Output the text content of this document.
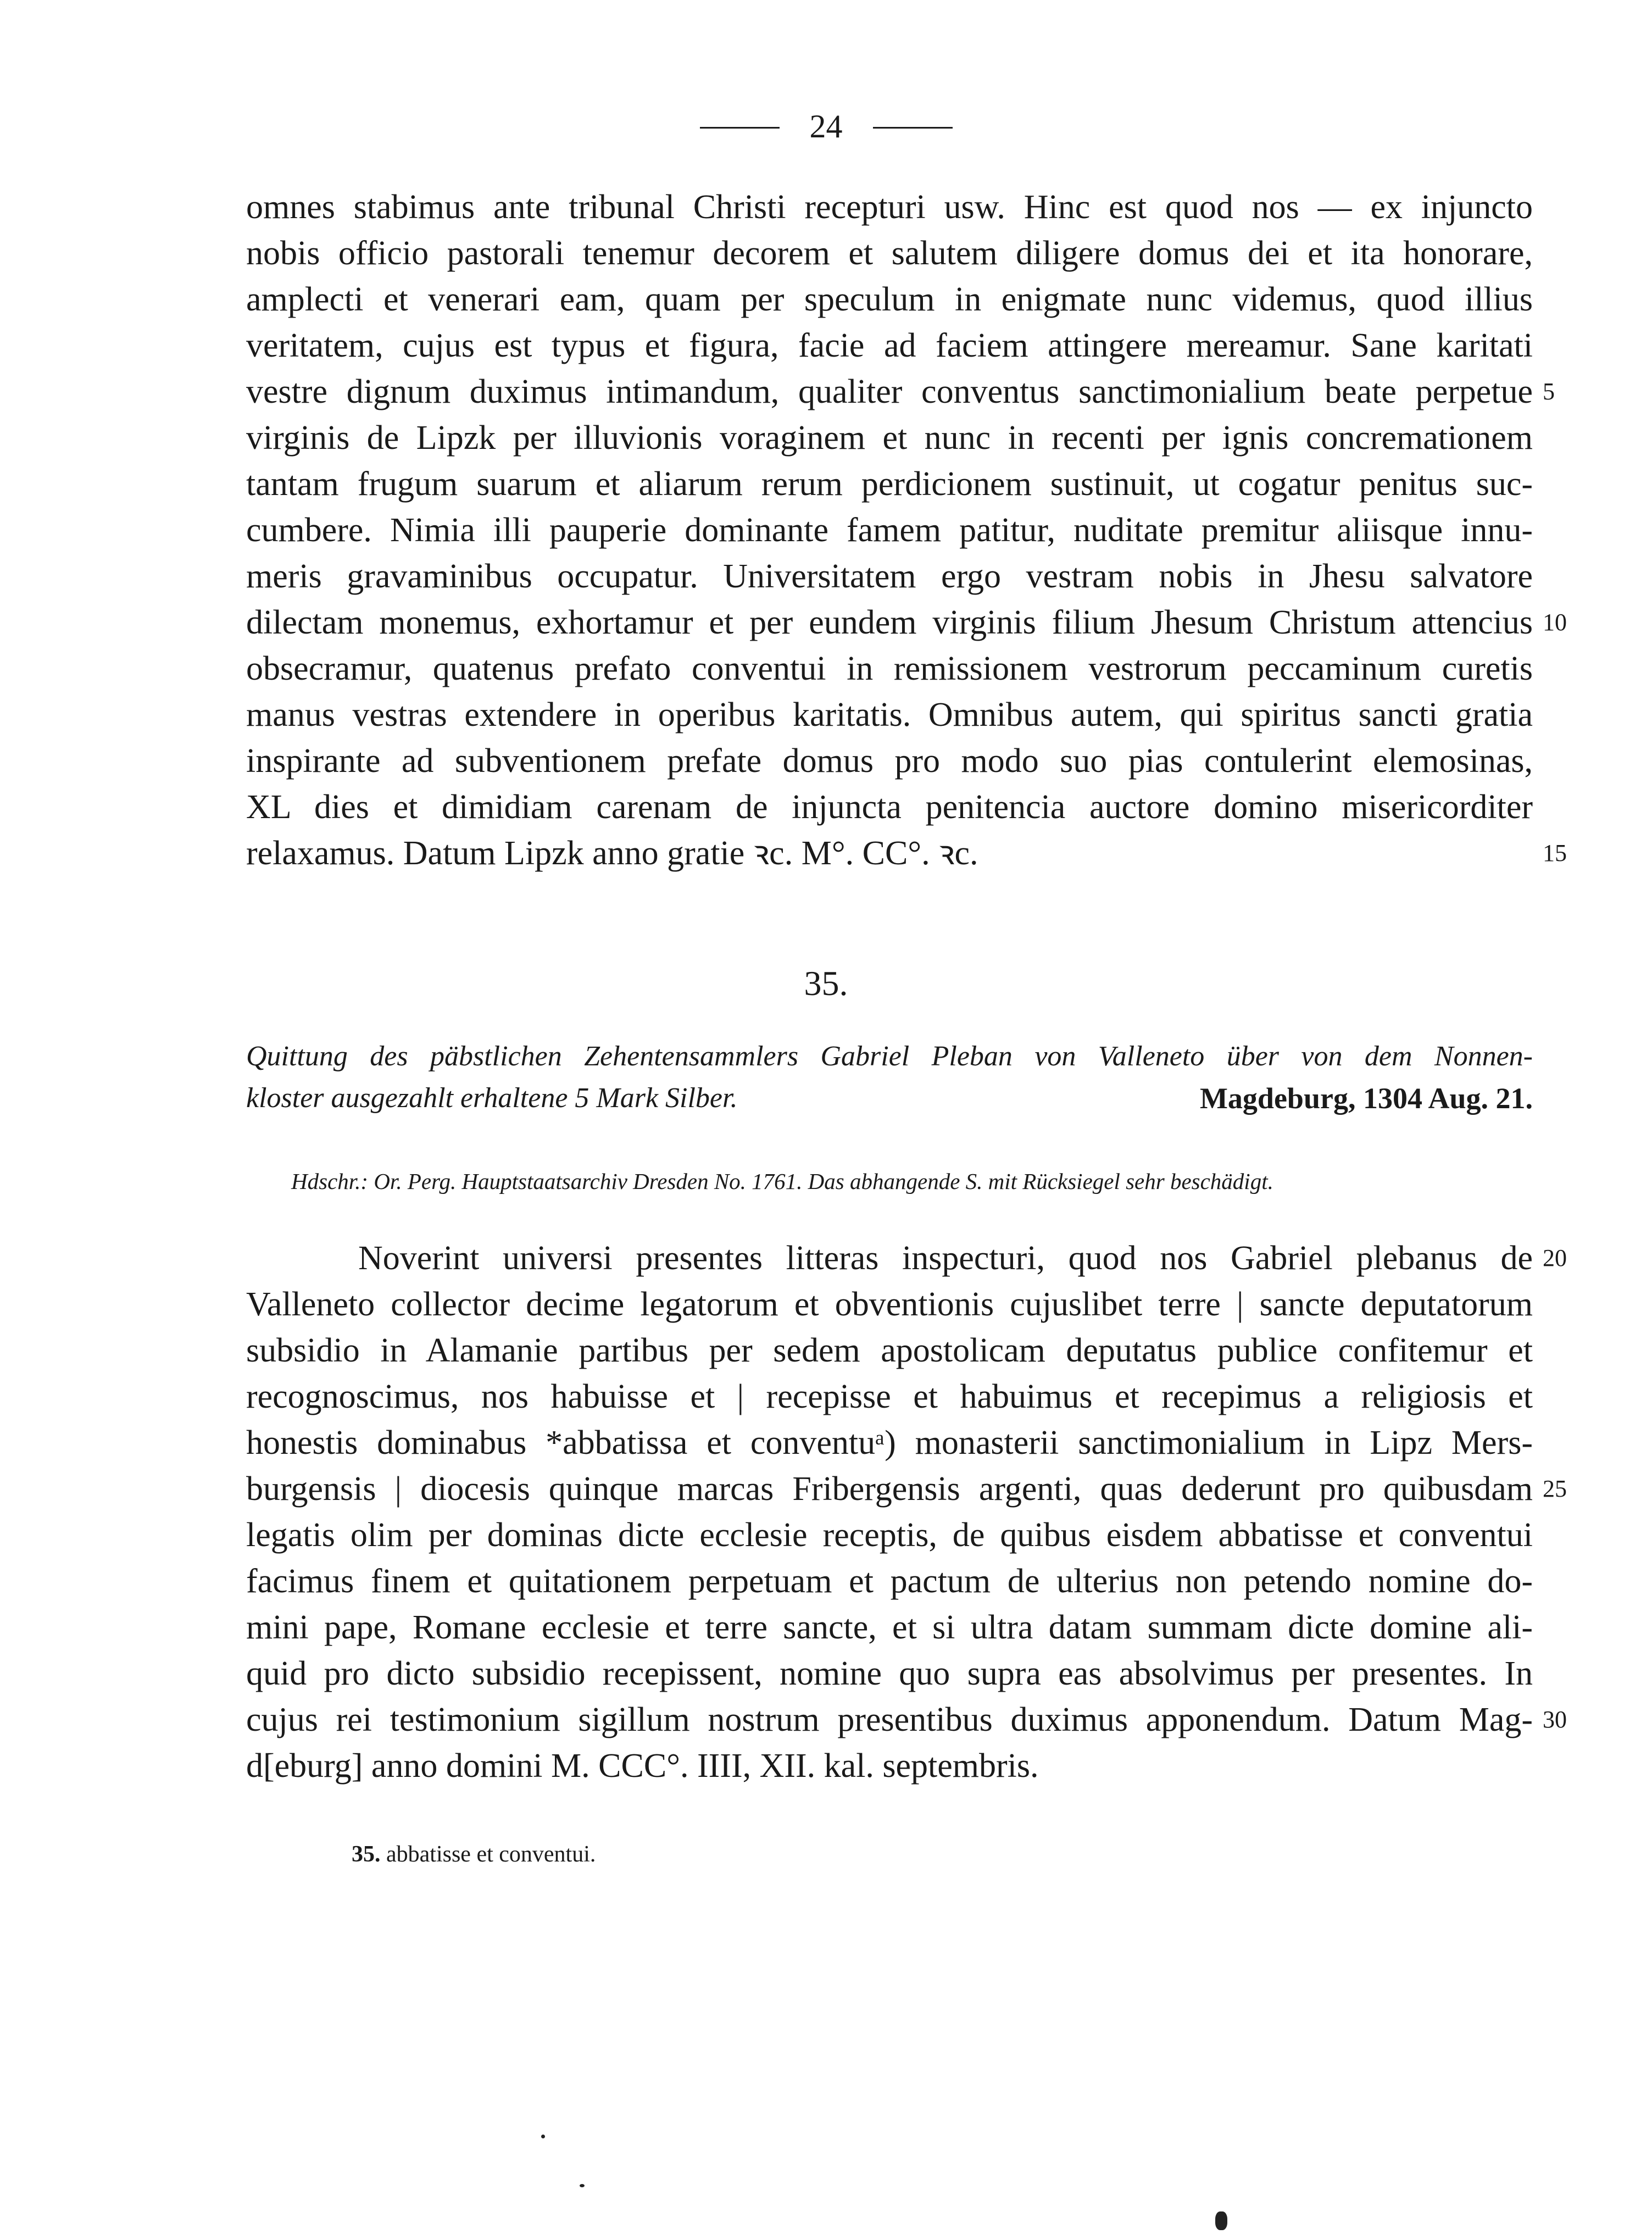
24
omnes stabimus ante tribunal Christi recepturi usw. Hinc est quod nos — ex injuncto
nobis officio pastorali tenemur decorem et salutem diligere domus dei et ita honorare,
amplecti et venerari eam, quam per speculum in enigmate nunc videmus, quod illius
veritatem, cujus est typus et figura, facie ad faciem attingere mereamur. Sane karitati
vestre dignum duximus intimandum, qualiter conventus sanctimonialium beate perpetue
virginis de Lipzk per illuvionis voraginem et nunc in recenti per ignis concremationem
tantam frugum suarum et aliarum rerum perdicionem sustinuit, ut cogatur penitus suc-
cumbere. Nimia illi pauperie dominante famem patitur, nuditate premitur aliisque innu-
meris gravaminibus occupatur. Universitatem ergo vestram nobis in Jhesu salvatore
dilectam monemus, exhortamur et per eundem virginis filium Jhesum Christum attencius
obsecramur, quatenus prefato conventui in remissionem vestrorum peccaminum curetis
manus vestras extendere in operibus karitatis. Omnibus autem, qui spiritus sancti gratia
inspirante ad subventionem prefate domus pro modo suo pias contulerint elemosinas,
XL dies et dimidiam carenam de injuncta penitencia auctore domino misericorditer
relaxamus. Datum Lipzk anno gratie ꝛc. M°. CC°. ꝛc.
5
10
15
35.
Quittung des päbstlichen Zehentensammlers Gabriel Pleban von Valleneto über von dem Nonnen-
kloster ausgezahlt erhaltene 5 Mark Silber.	Magdeburg, 1304 Aug. 21.
Hdschr.: Or. Perg. Hauptstaatsarchiv Dresden No. 1761. Das abhangende S. mit Rücksiegel sehr beschädigt.
Noverint universi presentes litteras inspecturi, quod nos Gabriel plebanus de
Valleneto collector decime legatorum et obventionis cujuslibet terre | sancte deputatorum
subsidio in Alamanie partibus per sedem apostolicam deputatus publice confitemur et
recognoscimus, nos habuisse et | recepisse et habuimus et recepimus a religiosis et
honestis dominabus *abbatissa et conventuᵃ) monasterii sanctimonialium in Lipz Mers-
burgensis | diocesis quinque marcas Fribergensis argenti, quas dederunt pro quibusdam
legatis olim per dominas dicte ecclesie receptis, de quibus eisdem abbatisse et conventui
facimus finem et quitationem perpetuam et pactum de ulterius non petendo nomine do-
mini pape, Romane ecclesie et terre sancte, et si ultra datam summam dicte domine ali-
quid pro dicto subsidio recepissent, nomine quo supra eas absolvimus per presentes. In
cujus rei testimonium sigillum nostrum presentibus duximus apponendum. Datum Mag-
d[eburg] anno domini M. CCC°. IIII, XII. kal. septembris.
20
25
30
35. abbatisse et conventui.
